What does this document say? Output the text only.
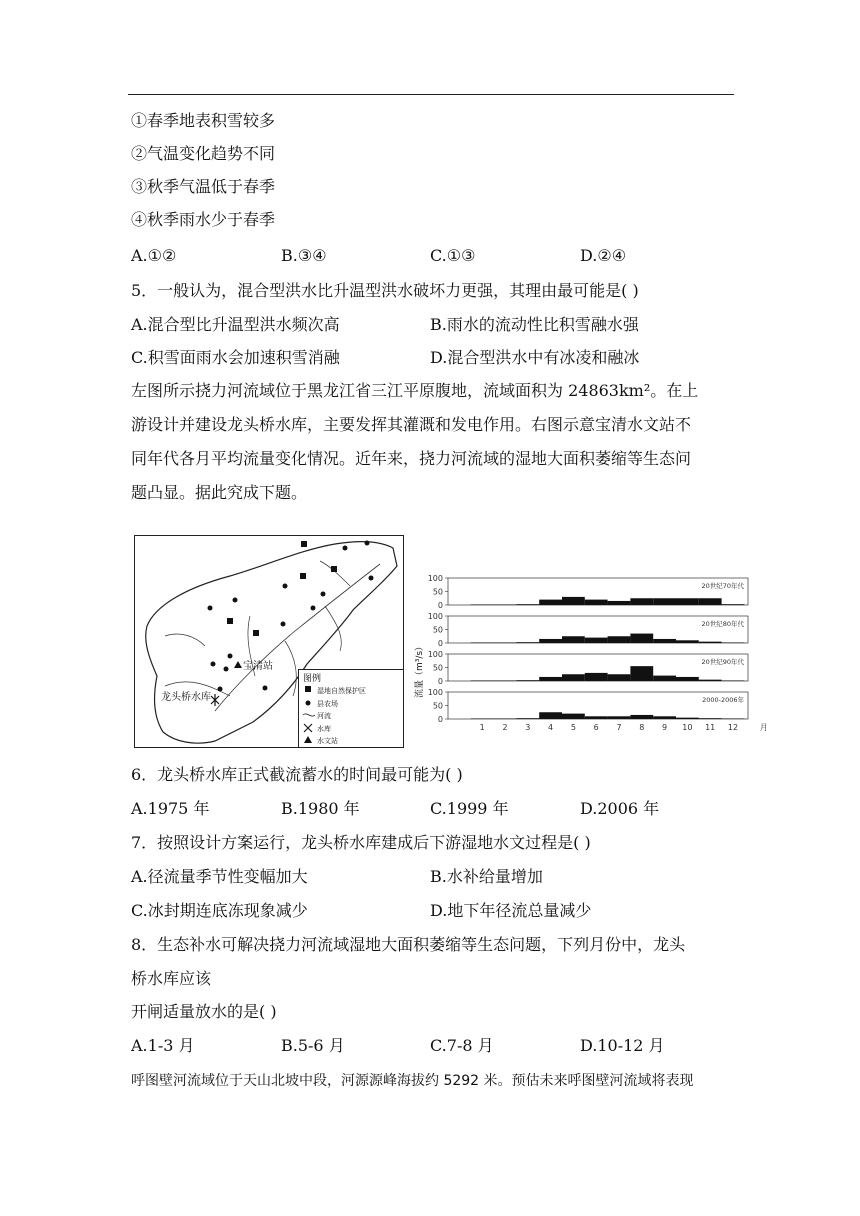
①春季地表积雪较多
②气温变化趋势不同
③秋季气温低于春季
④秋季雨水少于春季
A.①②	B.③④	C.①③	D.②④
5．一般认为，混合型洪水比升温型洪水破坏力更强，其理由最可能是( )
A.混合型比升温型洪水频次高	B.雨水的流动性比积雪融水强
C.积雪面雨水会加速积雪消融	D.混合型洪水中有冰凌和融冰
左图所示挠力河流域位于黑龙江省三江平原腹地，流域面积为 24863km²。在上
游设计并建设龙头桥水库，主要发挥其灌溉和发电作用。右图示意宝清水文站不
同年代各月平均流量变化情况。近年来，挠力河流域的湿地大面积萎缩等生态问
题凸显。据此究成下题。
宝清站
龙头桥水库
图例
湿地自然保护区
县农场
河流
水库
水文站
流量（m³/s）
0
50
100
20世纪70年代
0
50
100
20世纪80年代
0
50
100
20世纪90年代
0
50
100
2000-2006年
1 2 3 4 5 6 7 8 9 10 11 12	月
6．龙头桥水库正式截流蓄水的时间最可能为( )
A.1975 年	B.1980 年	C.1999 年	D.2006 年
7．按照设计方案运行，龙头桥水库建成后下游湿地水文过程是( )
A.径流量季节性变幅加大	B.水补给量增加
C.冰封期连底冻现象减少	D.地下年径流总量减少
8．生态补水可解决挠力河流域湿地大面积萎缩等生态问题，下列月份中，龙头
桥水库应该
开闸适量放水的是( )
A.1-3 月	B.5-6 月	C.7-8 月	D.10-12 月
呼图壁河流域位于天山北坡中段，河源源峰海拔约 5292 米。预估未来呼图壁河流域将表现
